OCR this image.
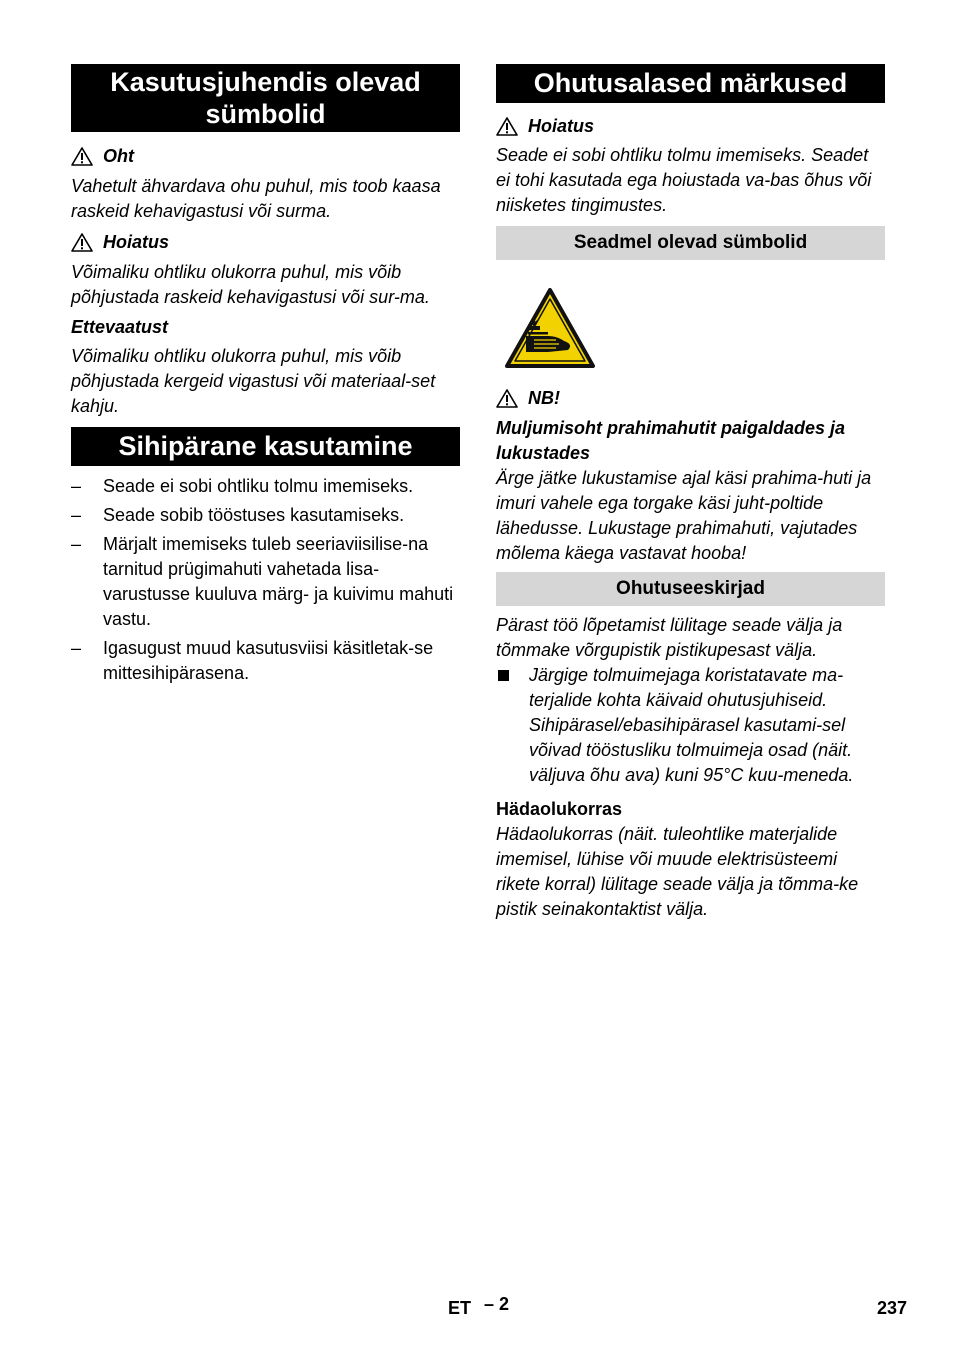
Kasutusjuhendis olevad sümbolid
Oht

Vahetult ähvardava ohu puhul, mis toob kaasa raskeid kehavigastusi või surma.

Hoiatus

Võimaliku ohtliku olukorra puhul, mis võib põhjustada raskeid kehavigastusi või sur-ma.

Ettevaatust

Võimaliku ohtliku olukorra puhul, mis võib põhjustada kergeid vigastusi või materiaal-set kahju.

Sihipärane kasutamine
– Seade ei sobi ohtliku tolmu imemiseks.
– Seade sobib tööstuses kasutamiseks.
– Märjalt imemiseks tuleb seeriaviisilise-na tarnitud prügimahuti vahetada lisa-varustusse kuuluva märg- ja kuivimu mahuti vastu.
– Igasugust muud kasutusviisi käsitletak-se mittesihipärasena.
Ohutusalased märkused
Hoiatus

Seade ei sobi ohtliku tolmu imemiseks. Seadet ei tohi kasutada ega hoiustada va-bas õhus või niisketes tingimustes.

Seadmel olevad sümbolid
NB!

Muljumisoht prahimahutit paigaldades ja lukustades

Ärge jätke lukustamise ajal käsi prahima-huti ja imuri vahele ega torgake käsi juht-poltide lähedusse. Lukustage prahimahuti, vajutades mõlema käega vastavat hooba!

Ohutuseeskirjad

Pärast töö lõpetamist lülitage seade välja ja tõmmake võrgupistik pistikupesast välja.

Järgige tolmuimejaga koristatavate ma-terjalide kohta käivaid ohutusjuhiseid. Sihipärasel/ebasihipärasel kasutami-sel võivad tööstusliku tolmuimeja osad (näit. väljuva õhu ava) kuni 95°C kuu-meneda.

Hädaolukorras

Hädaolukorras (näit. tuleohtlike materjalide imemisel, lühise või muude elektrisüsteemi rikete korral) lülitage seade välja ja tõmma-ke pistik seinakontaktist välja.

ET – 2	237
